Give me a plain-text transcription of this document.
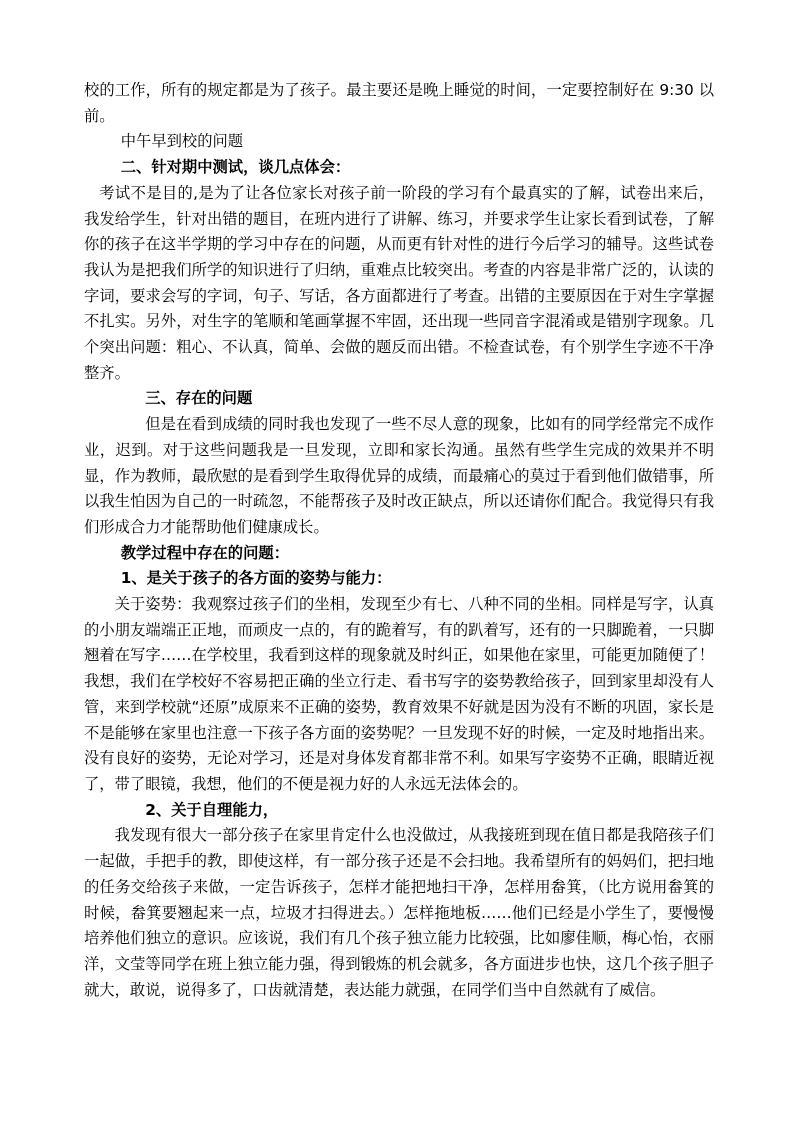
校的工作，所有的规定都是为了孩子。最主要还是晚上睡觉的时间，一定要控制好在 9:30 以前。

中午早到校的问题

二、针对期中测试，谈几点体会：

考试不是目的,是为了让各位家长对孩子前一阶段的学习有个最真实的了解，试卷出来后，我发给学生，针对出错的题目，在班内进行了讲解、练习，并要求学生让家长看到试卷，了解你的孩子在这半学期的学习中存在的问题，从而更有针对性的进行今后学习的辅导。这些试卷我认为是把我们所学的知识进行了归纳，重难点比较突出。考查的内容是非常广泛的，认读的字词，要求会写的字词，句子、写话，各方面都进行了考查。出错的主要原因在于对生字掌握不扎实。另外，对生字的笔顺和笔画掌握不牢固，还出现一些同音字混淆或是错别字现象。几个突出问题：粗心、不认真，简单、会做的题反而出错。不检查试卷，有个别学生字迹不干净整齐。

三、存在的问题

但是在看到成绩的同时我也发现了一些不尽人意的现象，比如有的同学经常完不成作业，迟到。对于这些问题我是一旦发现，立即和家长沟通。虽然有些学生完成的效果并不明显，作为教师，最欣慰的是看到学生取得优异的成绩，而最痛心的莫过于看到他们做错事，所以我生怕因为自己的一时疏忽，不能帮孩子及时改正缺点，所以还请你们配合。我觉得只有我们形成合力才能帮助他们健康成长。

教学过程中存在的问题：

1、是关于孩子的各方面的姿势与能力：

关于姿势：我观察过孩子们的坐相，发现至少有七、八种不同的坐相。同样是写字，认真的小朋友端端正正地，而顽皮一点的，有的跪着写，有的趴着写，还有的一只脚跪着，一只脚翘着在写字……在学校里，我看到这样的现象就及时纠正，如果他在家里，可能更加随便了！我想，我们在学校好不容易把正确的坐立行走、看书写字的姿势教给孩子，回到家里却没有人管，来到学校就“还原”成原来不正确的姿势，教育效果不好就是因为没有不断的巩固，家长是不是能够在家里也注意一下孩子各方面的姿势呢？一旦发现不好的时候，一定及时地指出来。没有良好的姿势，无论对学习，还是对身体发育都非常不利。如果写字姿势不正确，眼睛近视了，带了眼镜，我想，他们的不便是视力好的人永远无法体会的。

2、关于自理能力，

我发现有很大一部分孩子在家里肯定什么也没做过，从我接班到现在值日都是我陪孩子们一起做，手把手的教，即使这样，有一部分孩子还是不会扫地。我希望所有的妈妈们，把扫地的任务交给孩子来做，一定告诉孩子，怎样才能把地扫干净，怎样用畚箕，（比方说用畚箕的时候，畚箕要翘起来一点，垃圾才扫得进去。）怎样拖地板……他们已经是小学生了，要慢慢培养他们独立的意识。应该说，我们有几个孩子独立能力比较强，比如廖佳顺，梅心怡，衣丽洋，文莹等同学在班上独立能力强，得到锻炼的机会就多，各方面进步也快，这几个孩子胆子就大，敢说，说得多了，口齿就清楚，表达能力就强，在同学们当中自然就有了威信。
